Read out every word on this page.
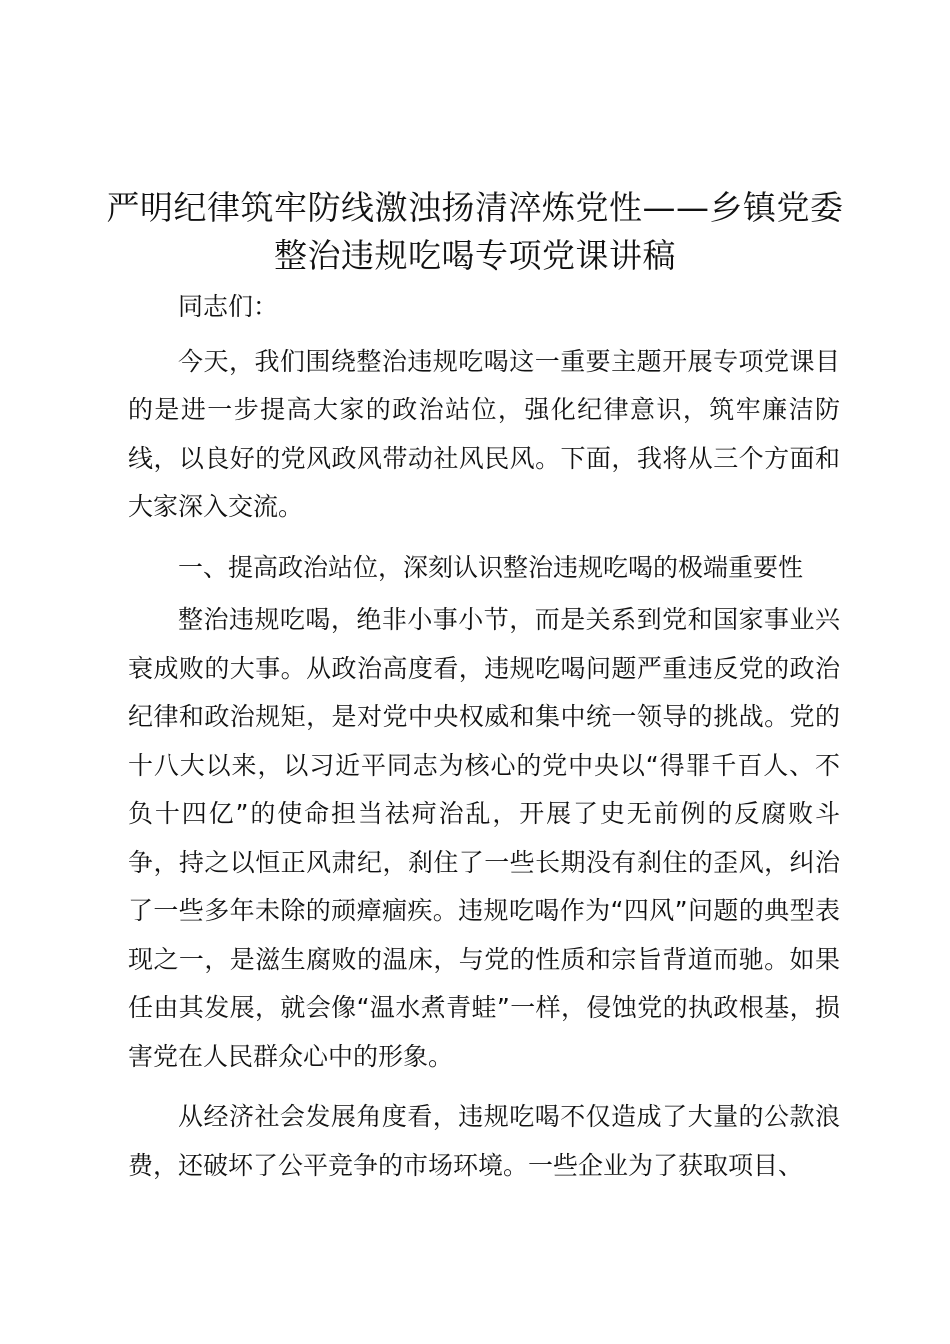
严明纪律筑牢防线激浊扬清淬炼党性——乡镇党委整治违规吃喝专项党课讲稿

同志们：

今天，我们围绕整治违规吃喝这一重要主题开展专项党课目的是进一步提高大家的政治站位，强化纪律意识，筑牢廉洁防线，以良好的党风政风带动社风民风。下面，我将从三个方面和大家深入交流。

一、提高政治站位，深刻认识整治违规吃喝的极端重要性

整治违规吃喝，绝非小事小节，而是关系到党和国家事业兴衰成败的大事。从政治高度看，违规吃喝问题严重违反党的政治纪律和政治规矩，是对党中央权威和集中统一领导的挑战。党的十八大以来，以习近平同志为核心的党中央以“得罪千百人、不负十四亿”的使命担当祛疴治乱，开展了史无前例的反腐败斗争，持之以恒正风肃纪，刹住了一些长期没有刹住的歪风，纠治了一些多年未除的顽瘴痼疾。违规吃喝作为“四风”问题的典型表现之一，是滋生腐败的温床，与党的性质和宗旨背道而驰。如果任由其发展，就会像“温水煮青蛙”一样，侵蚀党的执政根基，损害党在人民群众心中的形象。

从经济社会发展角度看，违规吃喝不仅造成了大量的公款浪费，还破坏了公平竞争的市场环境。一些企业为了获取项目、
